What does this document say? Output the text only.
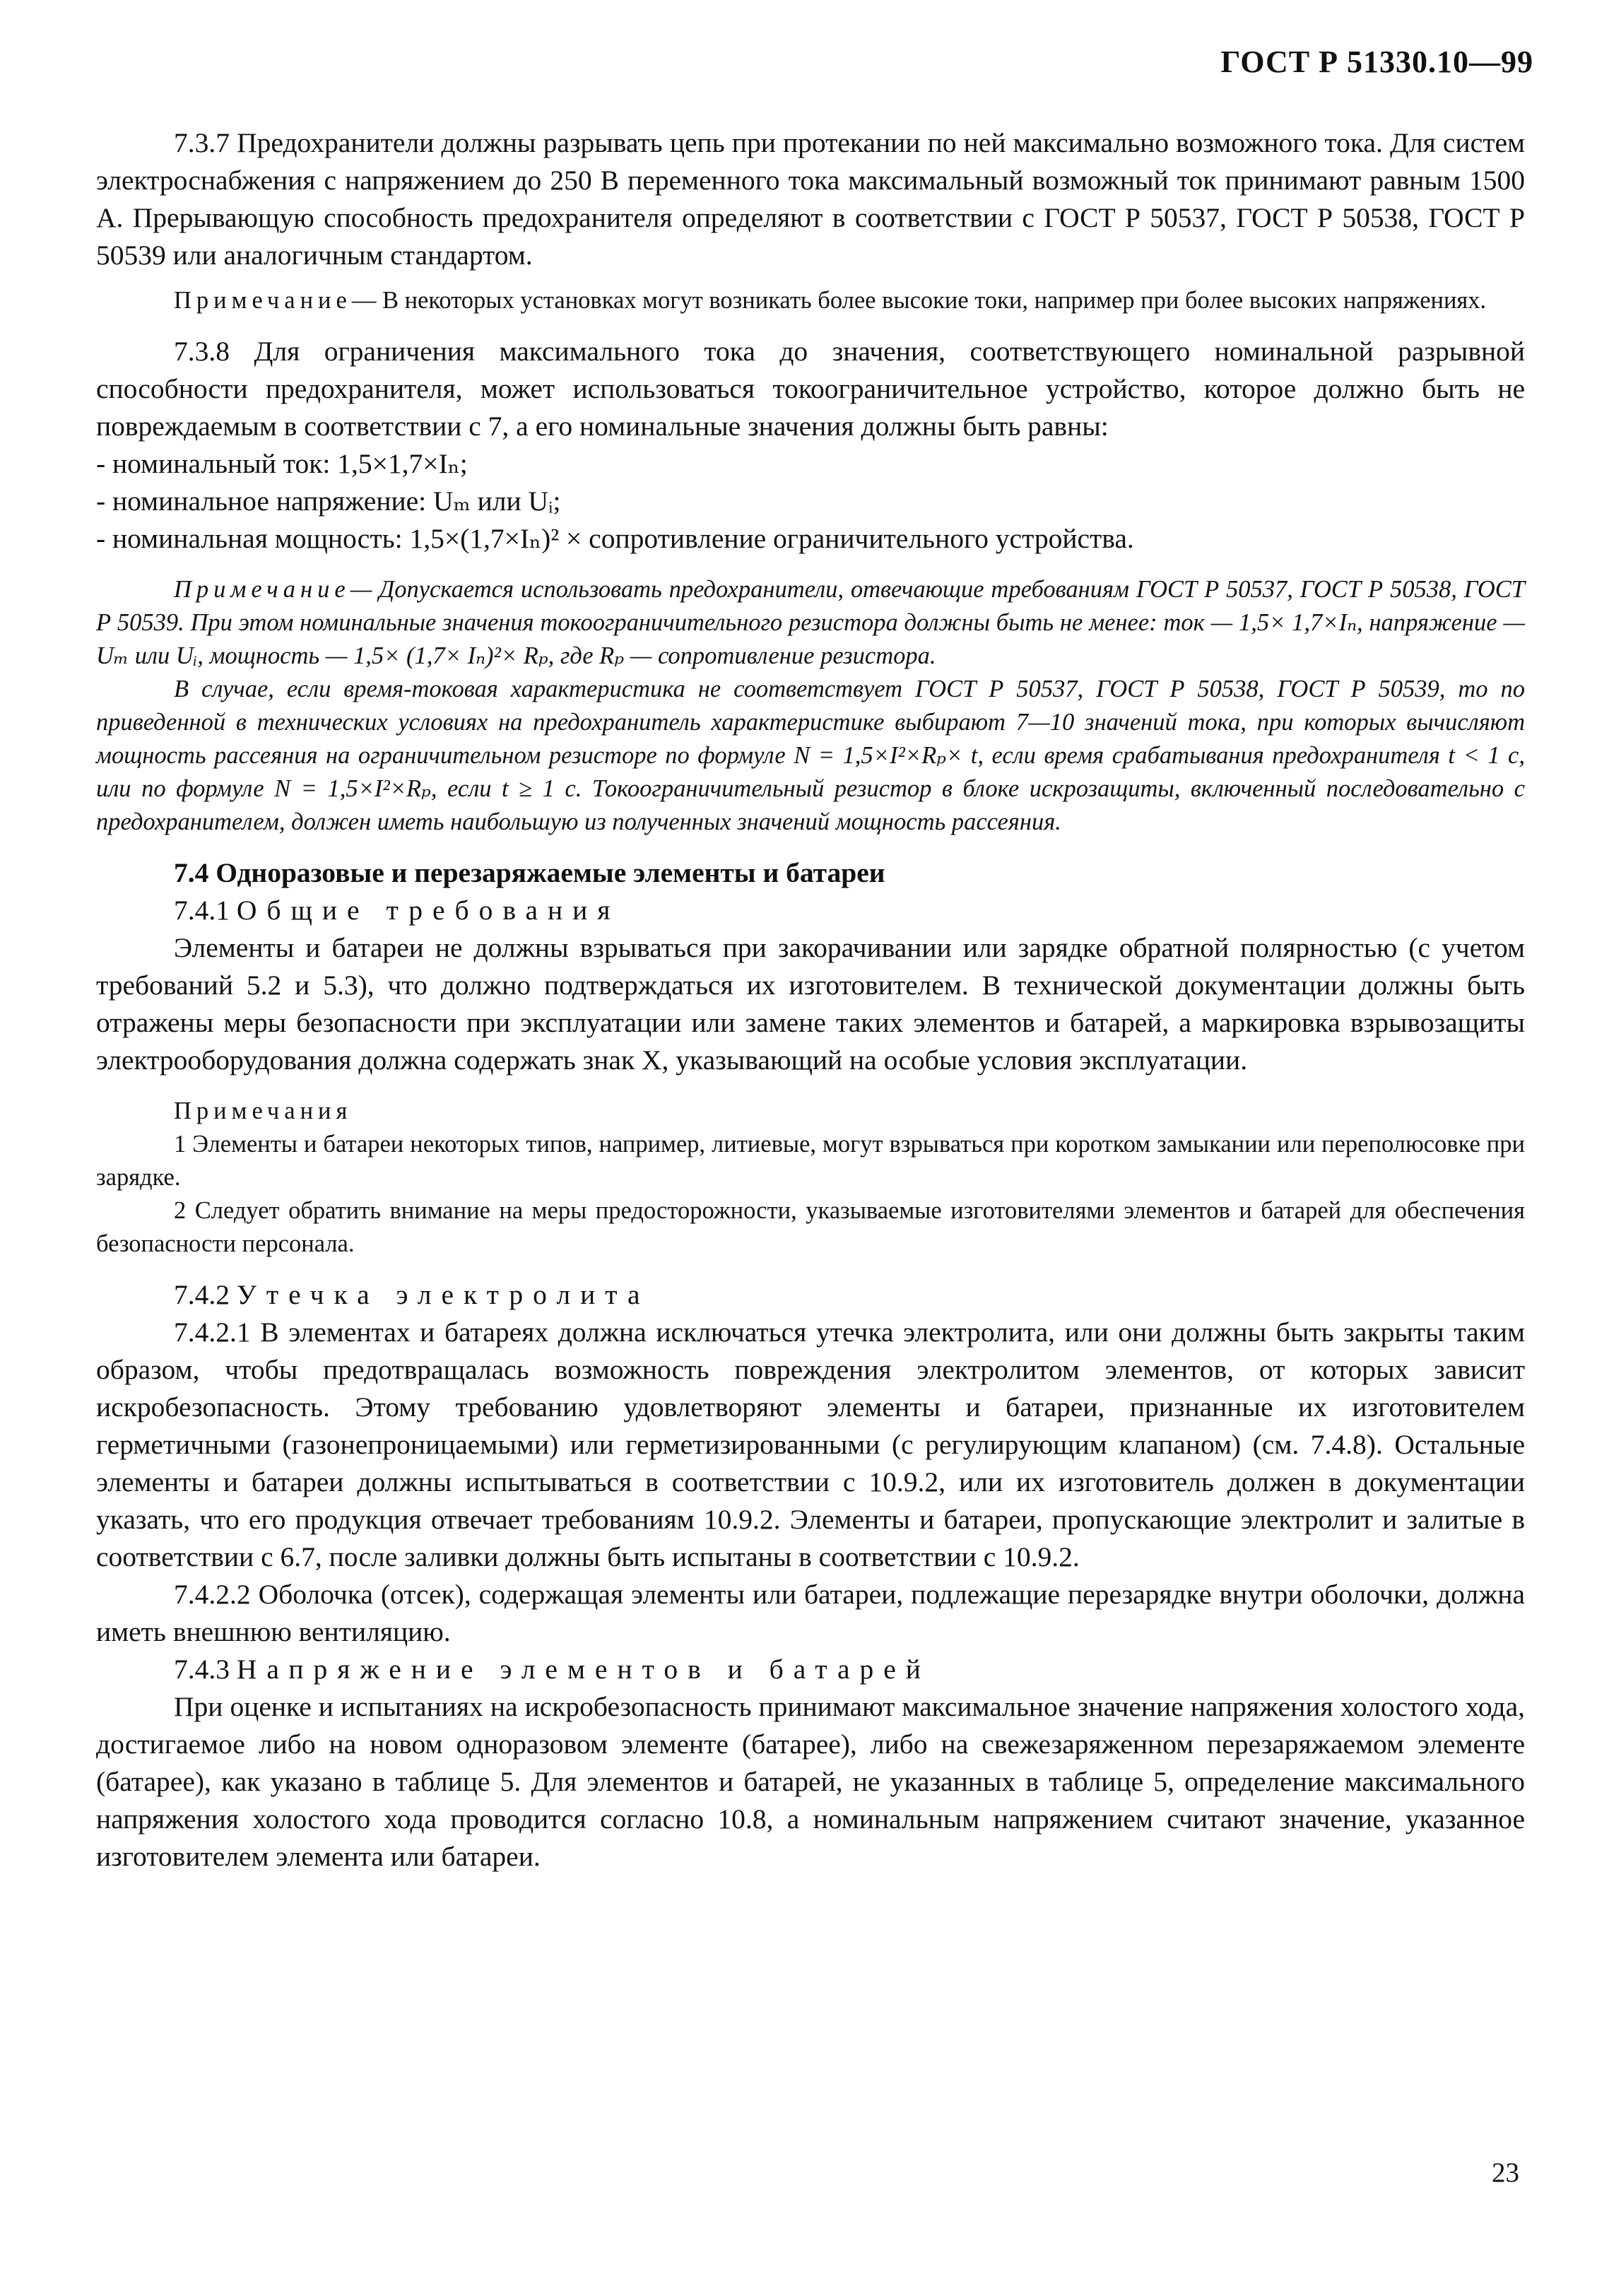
ГОСТ Р 51330.10—99

7.3.7 Предохранители должны разрывать цепь при протекании по ней максимально возможного тока. Для систем электроснабжения с напряжением до 250 В переменного тока максимальный возможный ток принимают равным 1500 А. Прерывающую способность предохранителя определяют в соответствии с ГОСТ Р 50537, ГОСТ Р 50538, ГОСТ Р 50539 или аналогичным стандартом.

Примечание— В некоторых установках могут возникать более высокие токи, например при более высоких напряжениях.

7.3.8 Для ограничения максимального тока до значения, соответствующего номинальной разрывной способности предохранителя, может использоваться токоограничительное устройство, которое должно быть не повреждаемым в соответствии с 7, а его номинальные значения должны быть равны:

- номинальный ток: 1,5×1,7×Iₙ;

- номинальное напряжение: Uₘ или Uᵢ;

- номинальная мощность: 1,5×(1,7×Iₙ)² × сопротивление ограничительного устройства.

Примечание— Допускается использовать предохранители, отвечающие требованиям ГОСТ Р 50537, ГОСТ Р 50538, ГОСТ Р 50539. При этом номинальные значения токоограничительного резистора должны быть не менее: ток — 1,5× 1,7×Iₙ, напряжение — Uₘ или Uᵢ, мощность — 1,5× (1,7× Iₙ)²× Rₚ, где Rₚ — сопротивление резистора.

В случае, если время-токовая характеристика не соответствует ГОСТ Р 50537, ГОСТ Р 50538, ГОСТ Р 50539, то по приведенной в технических условиях на предохранитель характеристике выбирают 7—10 значений тока, при которых вычисляют мощность рассеяния на ограничительном резисторе по формуле N = 1,5×I²×Rₚ× t, если время срабатывания предохранителя t < 1 с, или по формуле N = 1,5×I²×Rₚ, если t ≥ 1 с. Токоограничительный резистор в блоке искрозащиты, включенный последовательно с предохранителем, должен иметь наибольшую из полученных значений мощность рассеяния.

7.4 Одноразовые и перезаряжаемые элементы и батареи

7.4.1 Общие требования

Элементы и батареи не должны взрываться при закорачивании или зарядке обратной полярностью (с учетом требований 5.2 и 5.3), что должно подтверждаться их изготовителем. В технической документации должны быть отражены меры безопасности при эксплуатации или замене таких элементов и батарей, а маркировка взрывозащиты электрооборудования должна содержать знак X, указывающий на особые условия эксплуатации.

Примечания

1 Элементы и батареи некоторых типов, например, литиевые, могут взрываться при коротком замыкании или переполюсовке при зарядке.

2 Следует обратить внимание на меры предосторожности, указываемые изготовителями элементов и батарей для обеспечения безопасности персонала.

7.4.2 Утечка электролита

7.4.2.1 В элементах и батареях должна исключаться утечка электролита, или они должны быть закрыты таким образом, чтобы предотвращалась возможность повреждения электролитом элементов, от которых зависит искробезопасность. Этому требованию удовлетворяют элементы и батареи, признанные их изготовителем герметичными (газонепроницаемыми) или герметизированными (с регулирующим клапаном) (см. 7.4.8). Остальные элементы и батареи должны испытываться в соответствии с 10.9.2, или их изготовитель должен в документации указать, что его продукция отвечает требованиям 10.9.2. Элементы и батареи, пропускающие электролит и залитые в соответствии с 6.7, после заливки должны быть испытаны в соответствии с 10.9.2.

7.4.2.2 Оболочка (отсек), содержащая элементы или батареи, подлежащие перезарядке внутри оболочки, должна иметь внешнюю вентиляцию.

7.4.3 Напряжение элементов и батарей

При оценке и испытаниях на искробезопасность принимают максимальное значение напряжения холостого хода, достигаемое либо на новом одноразовом элементе (батарее), либо на свежезаряженном перезаряжаемом элементе (батарее), как указано в таблице 5. Для элементов и батарей, не указанных в таблице 5, определение максимального напряжения холостого хода проводится согласно 10.8, а номинальным напряжением считают значение, указанное изготовителем элемента или батареи.

23
